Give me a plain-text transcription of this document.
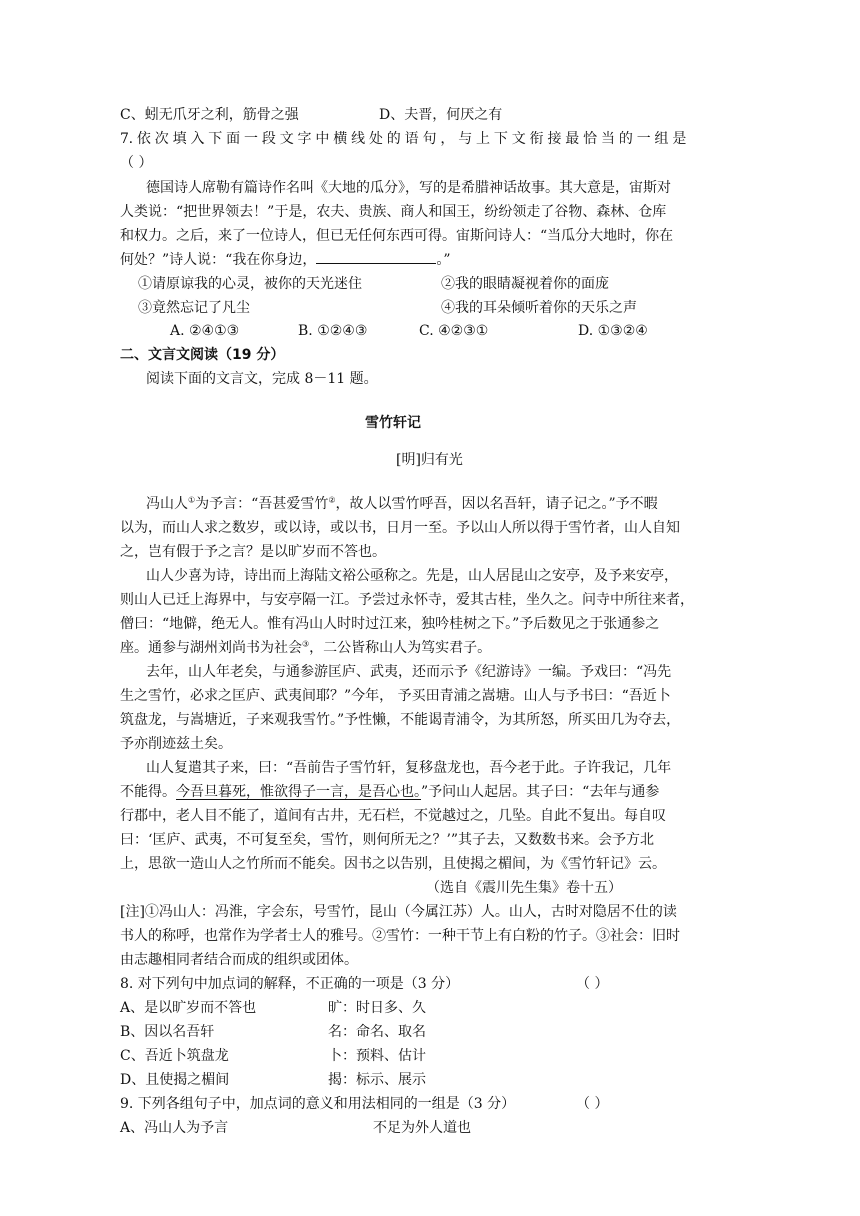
C、蚓无爪牙之利，筋骨之强	D、夫晋，何厌之有
7. 依 次 填 入 下 面 一 段 文 字 中 横 线 处 的 语 句 ， 与 上 下 文 衔 接 最 恰 当 的 一 组 是
（ ）
德国诗人席勒有篇诗作名叫《大地的瓜分》，写的是希腊神话故事。其大意是，宙斯对
人类说：“把世界领去！”于是，农夫、贵族、商人和国王，纷纷领走了谷物、森林、仓库
和权力。之后，来了一位诗人，但已无任何东西可得。宙斯问诗人：“当瓜分大地时，你在
何处？”诗人说：“我在你身边，	。”
①请原谅我的心灵，被你的天光迷住	②我的眼睛凝视着你的面庞
③竟然忘记了凡尘	④我的耳朵倾听着你的天乐之声
A. ②④①③	B. ①②④③	C. ④②③①	D. ①③②④
二、文言文阅读（19 分）
阅读下面的文言文，完成 8－11 题。
雪竹轩记
[明]归有光
冯山人①为予言：“吾甚爱雪竹②，故人以雪竹呼吾，因以名吾轩，请子记之。”予不暇
以为，而山人求之数岁，或以诗，或以书，日月一至。予以山人所以得于雪竹者，山人自知
之，岂有假于予之言？是以旷岁而不答也。
山人少喜为诗，诗出而上海陆文裕公亟称之。先是，山人居昆山之安亭，及予来安亭，
则山人已迁上海界中，与安亭隔一江。予尝过永怀寺，爱其古桂，坐久之。问寺中所往来者，
僧曰：“地僻，绝无人。惟有冯山人时时过江来，独吟桂树之下。”予后数见之于张通参之
座。通参与湖州刘尚书为社会③，二公皆称山人为笃实君子。
去年，山人年老矣，与通参游匡庐、武夷，还而示予《纪游诗》一编。予戏曰：“冯先
生之雪竹，必求之匡庐、武夷间耶？”今年， 予买田青浦之嵩塘。山人与予书曰：“吾近卜
筑盘龙，与嵩塘近，子来观我雪竹。”予性懒，不能谒青浦令，为其所怒，所买田几为夺去，
予亦削迹兹土矣。
山人复遣其子来，曰：“吾前告子雪竹轩，复移盘龙也，吾今老于此。子许我记，几年
不能得。今吾旦暮死，惟欲得子一言，是吾心也。”予问山人起居。其子曰：“去年与通参
行郡中，老人目不能了，道间有古井，无石栏，不觉越过之，几坠。自此不复出。每自叹
曰：‘匡庐、武夷，不可复至矣，雪竹，则何所无之？’”其子去，又数数书来。会予方北
上，思欲一造山人之竹所而不能矣。因书之以告别，且使揭之楣间，为《雪竹轩记》云。
（选自《震川先生集》卷十五）
[注]①冯山人：冯淮，字会东，号雪竹，昆山（今属江苏）人。山人，古时对隐居不仕的读
书人的称呼，也常作为学者士人的雅号。②雪竹：一种干节上有白粉的竹子。③社会：旧时
由志趣相同者结合而成的组织或团体。
8. 对下列句中加点词的解释，不正确的一项是（3 分）	（ ）
A、是以旷岁而不答也	旷：时日多、久
B、因以名吾轩	名：命名、取名
C、吾近卜筑盘龙	卜：预料、估计
D、且使揭之楣间	揭：标示、展示
9. 下列各组句子中，加点词的意义和用法相同的一组是（3 分）	（ ）
A、冯山人为予言	不足为外人道也
